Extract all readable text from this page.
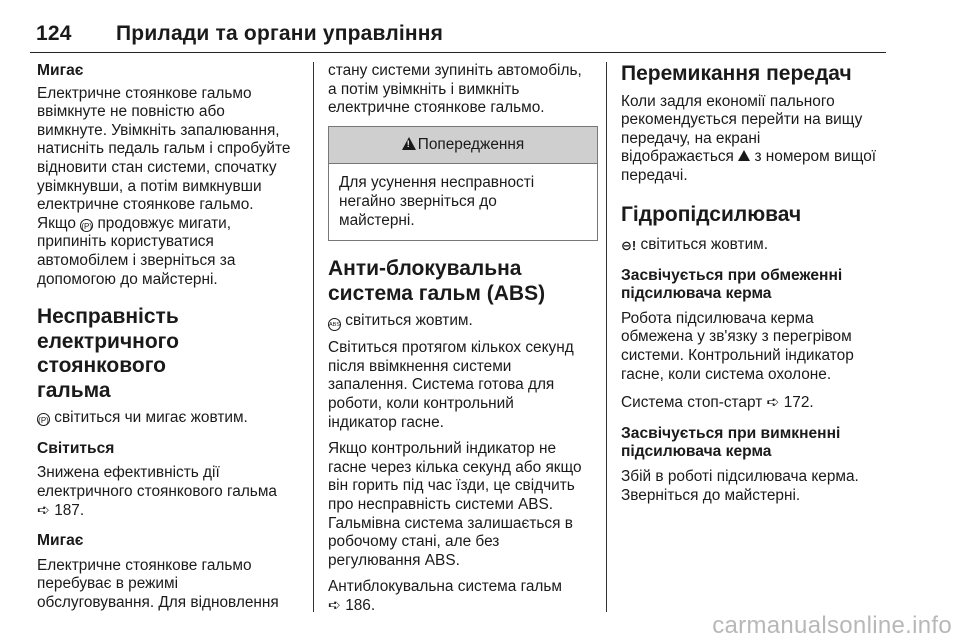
124	Прилади та органи управління
Мигає

Електричне стоянкове гальмо
ввімкнуте не повністю або
вимкнуте. Увімкніть запалювання,
натисніть педаль гальм і спробуйте
відновити стан системи, спочатку
увімкнувши, а потім вимкнувши
електричне стоянкове гальмо.

Якщо (P) продовжує мигати,
припиніть користуватися
автомобілем і зверніться за
допомогою до майстерні.

Несправність
електричного стоянкового
гальма

(P) світиться чи мигає жовтим.

Світиться

Знижена ефективність дії
електричного стоянкового гальма
➪ 187.

Мигає

Електричне стоянкове гальмо
перебуває в режимі
обслуговування. Для відновлення

стану системи зупиніть автомобіль,
а потім увімкніть і вимкніть
електричне стоянкове гальмо.

!Попередження
Для усунення несправності
негайно зверніться до
майстерні.
Анти-блокувальна
система гальм (ABS)

ABS світиться жовтим.

Світиться протягом кількох секунд
після ввімкнення системи
запалення. Система готова для
роботи, коли контрольний
індикатор гасне.

Якщо контрольний індикатор не
гасне через кілька секунд або якщо
він горить під час їзди, це свідчить
про несправність системи ABS.
Гальмівна система залишається в
робочому стані, але без
регулювання ABS.

Антиблокувальна система гальм
➪ 186.

Перемикання передач

Коли задля економії пального
рекомендується перейти на вищу
передачу, на екрані
відображається з номером вищої
передачі.

Гідропідсилювач

⊖! світиться жовтим.

Засвічується при обмеженні
підсилювача керма

Робота підсилювача керма
обмежена у зв'язку з перегрівом
системи. Контрольний індикатор
гасне, коли система охолоне.

Система стоп-старт ➪ 172.

Засвічується при вимкненні
підсилювача керма

Збій в роботі підсилювача керма.
Зверніться до майстерні.

carmanualsonline.info
